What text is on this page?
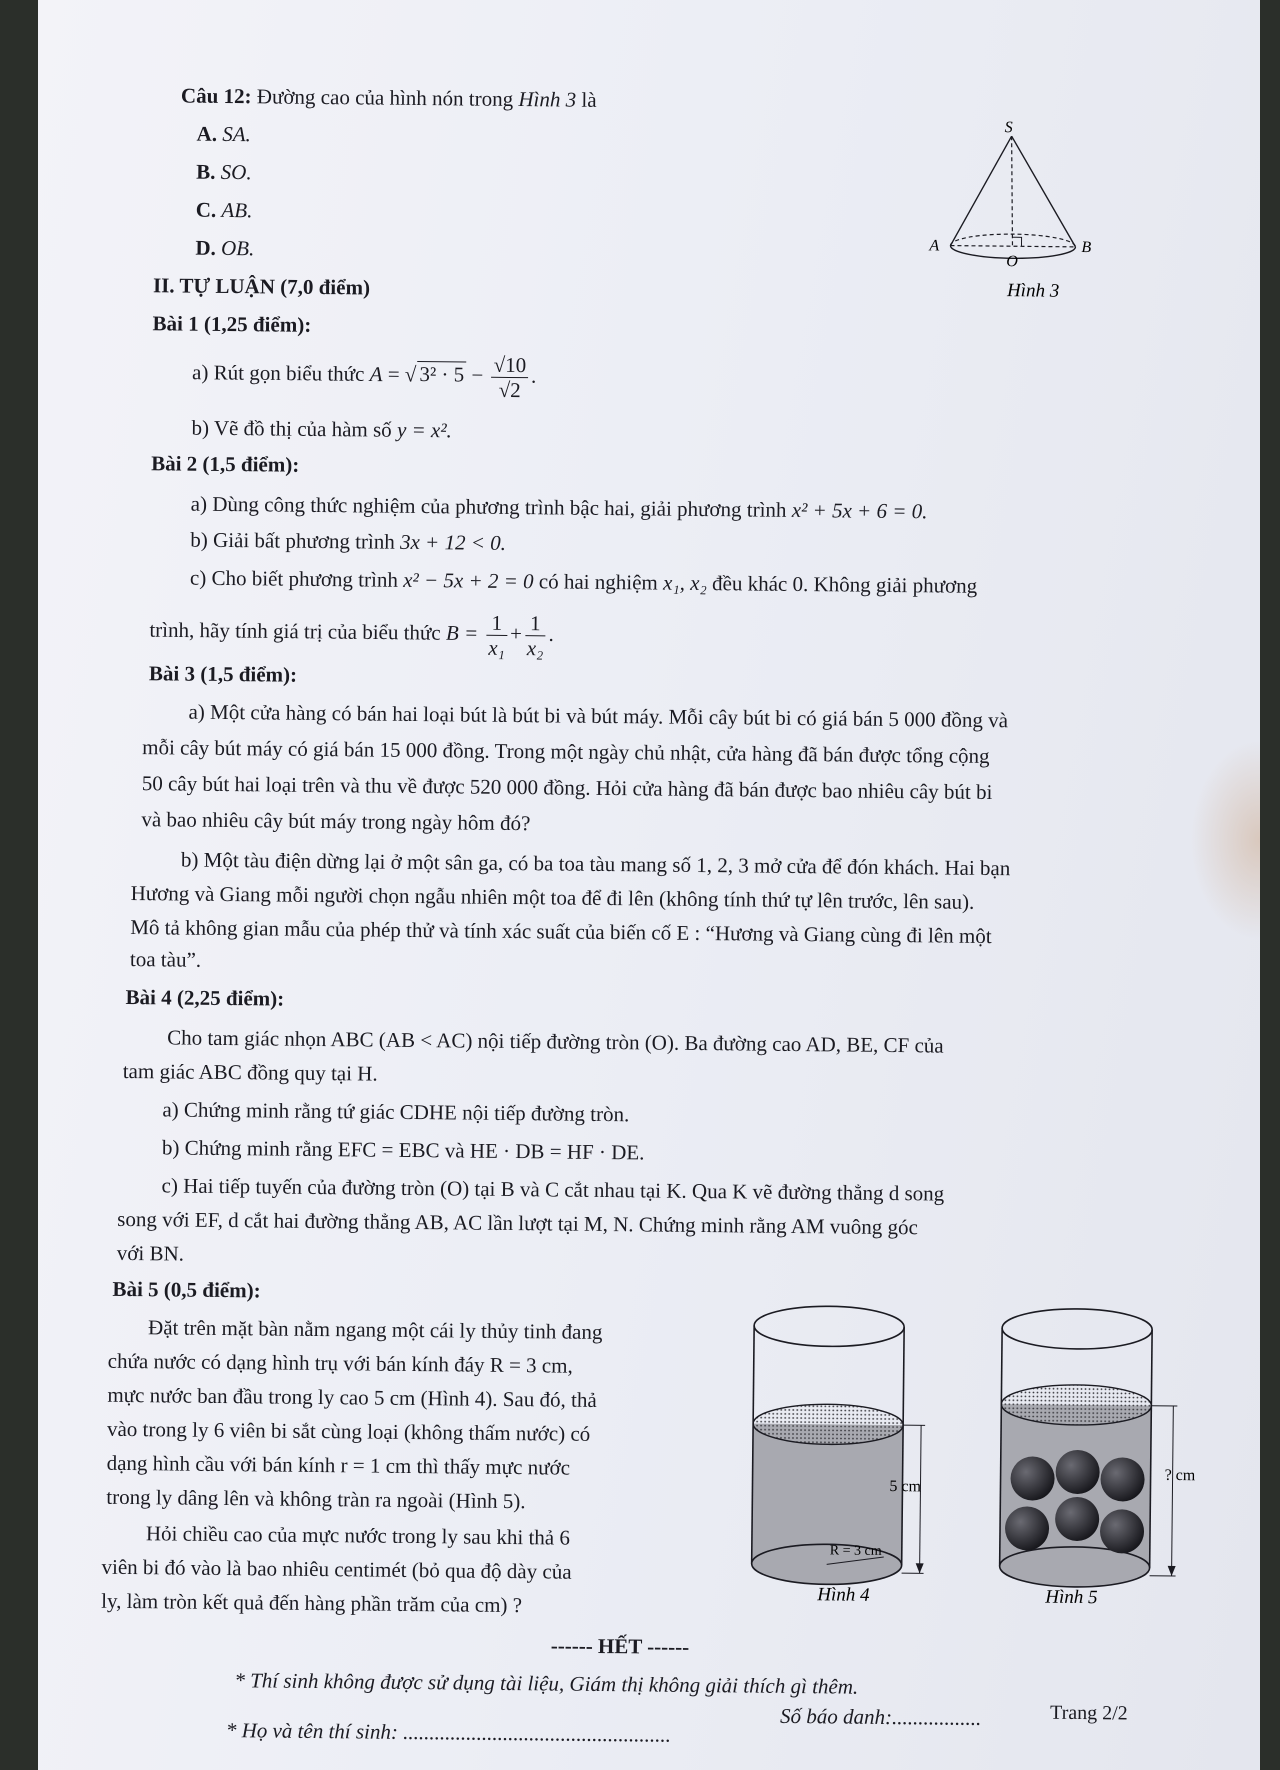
Câu 12: Đường cao của hình nón trong Hình 3 là
A. SA.
B. SO.
C. AB.
D. OB.
S
A
O
B
Hình 3
II. TỰ LUẬN (7,0 điểm)
Bài 1 (1,25 điểm):
a) Rút gọn biểu thức A = √ $3^2 \cdot 5 - \frac{√10}{√2}$ .
b) Vẽ đồ thị của hàm số y = x².
Bài 2 (1,5 điểm):
a) Dùng công thức nghiệm của phương trình bậc hai, giải phương trình x² + 5x + 6 = 0.
b) Giải bất phương trình 3x + 12 < 0.
c) Cho biết phương trình x² − 5x + 2 = 0 có hai nghiệm x₁, x₂ đều khác 0. Không giải phương
trình, hãy tính giá trị của biểu thức $B = \frac{1}{\text{x₁}} + \frac{1}{\text{x₂}}$ .
Bài 3 (1,5 điểm):
a) Một cửa hàng có bán hai loại bút là bút bi và bút máy. Mỗi cây bút bi có giá bán 5 000 đồng và
mỗi cây bút máy có giá bán 15 000 đồng. Trong một ngày chủ nhật, cửa hàng đã bán được tổng cộng
50 cây bút hai loại trên và thu về được 520 000 đồng. Hỏi cửa hàng đã bán được bao nhiêu cây bút bi
và bao nhiêu cây bút máy trong ngày hôm đó?
b) Một tàu điện dừng lại ở một sân ga, có ba toa tàu mang số 1, 2, 3 mở cửa để đón khách. Hai bạn
Hương và Giang mỗi người chọn ngẫu nhiên một toa để đi lên (không tính thứ tự lên trước, lên sau).
Mô tả không gian mẫu của phép thử và tính xác suất của biến cố E : “Hương và Giang cùng đi lên một
toa tàu”.
Bài 4 (2,25 điểm):
Cho tam giác nhọn ABC (AB < AC) nội tiếp đường tròn (O). Ba đường cao AD, BE, CF của
tam giác ABC đồng quy tại H.
a) Chứng minh rằng tứ giác CDHE nội tiếp đường tròn.
b) Chứng minh rằng EFC = EBC và HE · DB = HF · DE.
c) Hai tiếp tuyến của đường tròn (O) tại B và C cắt nhau tại K. Qua K vẽ đường thẳng d song
song với EF, d cắt hai đường thẳng AB, AC lần lượt tại M, N. Chứng minh rằng AM vuông góc
với BN.
Bài 5 (0,5 điểm):
Đặt trên mặt bàn nằm ngang một cái ly thủy tinh đang
chứa nước có dạng hình trụ với bán kính đáy R = 3 cm,
mực nước ban đầu trong ly cao 5 cm (Hình 4). Sau đó, thả
vào trong ly 6 viên bi sắt cùng loại (không thấm nước) có
dạng hình cầu với bán kính r = 1 cm thì thấy mực nước
trong ly dâng lên và không tràn ra ngoài (Hình 5).
Hỏi chiều cao của mực nước trong ly sau khi thả 6
viên bi đó vào là bao nhiêu centimét (bỏ qua độ dày của
ly, làm tròn kết quả đến hàng phần trăm của cm) ?
5 cm
R = 3 cm
Hình 4
? cm
Hình 5
------ HẾT ------
* Thí sinh không được sử dụng tài liệu, Giám thị không giải thích gì thêm.
Số báo danh:.................
* Họ và tên thí sinh: ...................................................
Trang 2/2
